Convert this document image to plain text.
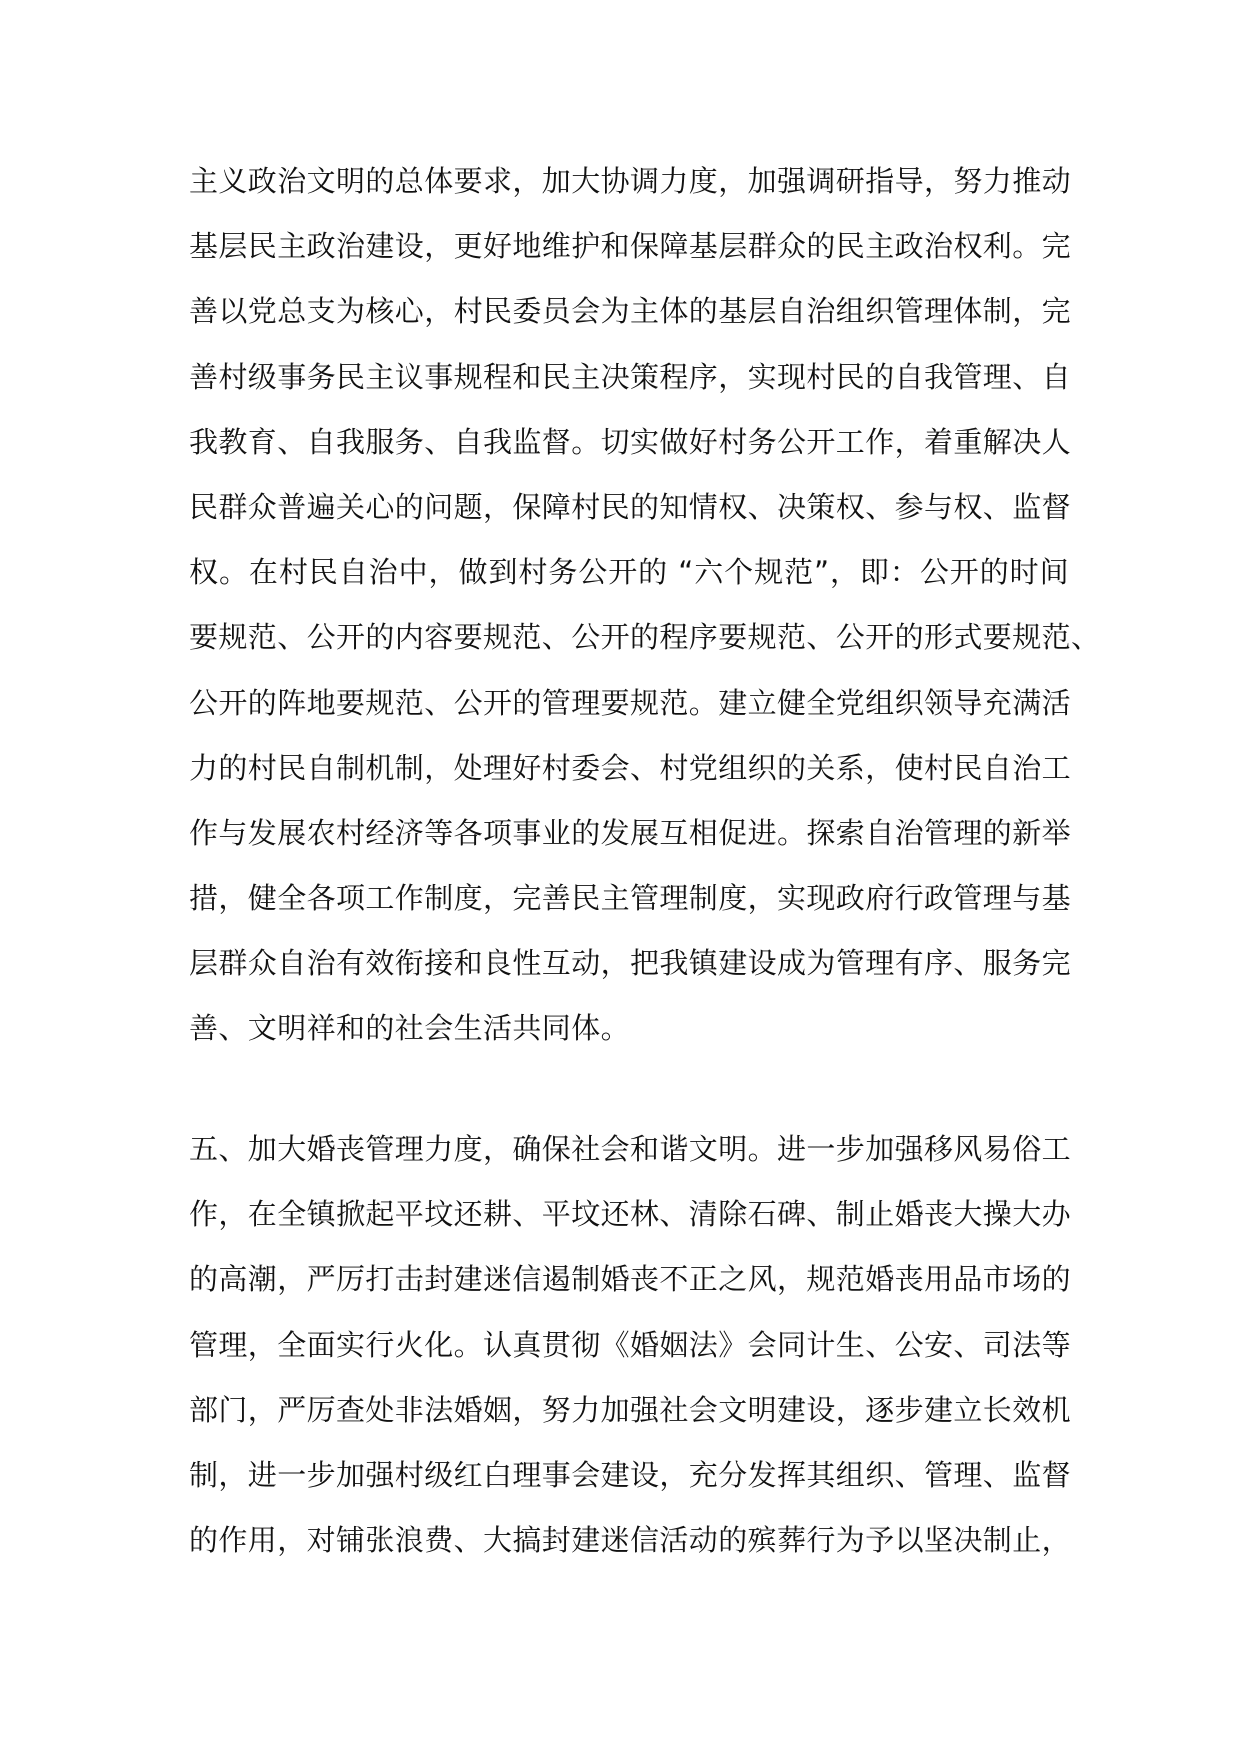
主义政治文明的总体要求，加大协调力度，加强调研指导，努力推动
基层民主政治建设，更好地维护和保障基层群众的民主政治权利。完
善以党总支为核心，村民委员会为主体的基层自治组织管理体制，完
善村级事务民主议事规程和民主决策程序，实现村民的自我管理、自
我教育、自我服务、自我监督。切实做好村务公开工作，着重解决人
民群众普遍关心的问题，保障村民的知情权、决策权、参与权、监督
权。在村民自治中，做到村务公开的 “六个规范”，即：公开的时间
要规范、公开的内容要规范、公开的程序要规范、公开的形式要规范、
公开的阵地要规范、公开的管理要规范。建立健全党组织领导充满活
力的村民自制机制，处理好村委会、村党组织的关系，使村民自治工
作与发展农村经济等各项事业的发展互相促进。探索自治管理的新举
措，健全各项工作制度，完善民主管理制度，实现政府行政管理与基
层群众自治有效衔接和良性互动，把我镇建设成为管理有序、服务完
善、文明祥和的社会生活共同体。
五、加大婚丧管理力度，确保社会和谐文明。进一步加强移风易俗工
作，在全镇掀起平坟还耕、平坟还林、清除石碑、制止婚丧大操大办
的高潮，严厉打击封建迷信遏制婚丧不正之风，规范婚丧用品市场的
管理，全面实行火化。认真贯彻《婚姻法》会同计生、公安、司法等
部门，严厉查处非法婚姻，努力加强社会文明建设，逐步建立长效机
制，进一步加强村级红白理事会建设，充分发挥其组织、管理、监督
的作用，对铺张浪费、大搞封建迷信活动的殡葬行为予以坚决制止，
